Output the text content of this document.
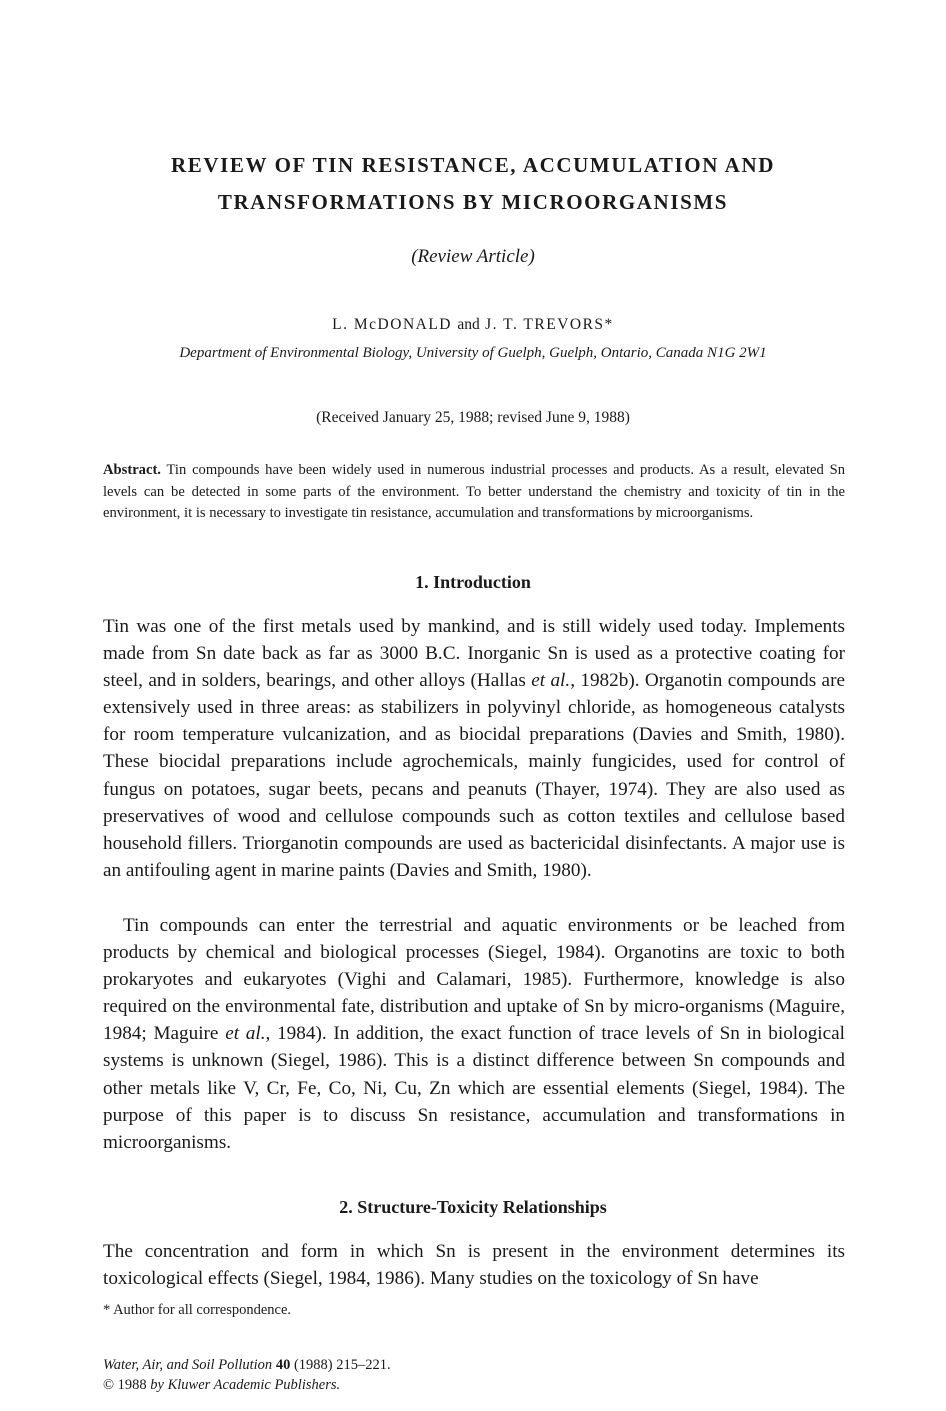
REVIEW OF TIN RESISTANCE, ACCUMULATION AND
TRANSFORMATIONS BY MICROORGANISMS
(Review Article)
L. McDONALD and J. T. TREVORS*
Department of Environmental Biology, University of Guelph, Guelph, Ontario, Canada N1G 2W1
(Received January 25, 1988; revised June 9, 1988)
Abstract. Tin compounds have been widely used in numerous industrial processes and products. As a result, elevated Sn levels can be detected in some parts of the environment. To better understand the chemistry and toxicity of tin in the environment, it is necessary to investigate tin resistance, accumulation and transformations by microorganisms.
1. Introduction
Tin was one of the first metals used by mankind, and is still widely used today. Implements made from Sn date back as far as 3000 B.C. Inorganic Sn is used as a protective coating for steel, and in solders, bearings, and other alloys (Hallas et al., 1982b). Organotin compounds are extensively used in three areas: as stabilizers in polyvinyl chloride, as homogeneous catalysts for room temperature vulcanization, and as biocidal preparations (Davies and Smith, 1980). These biocidal preparations include agrochemicals, mainly fungicides, used for control of fungus on potatoes, sugar beets, pecans and peanuts (Thayer, 1974). They are also used as preservatives of wood and cellulose compounds such as cotton textiles and cellulose based household fillers. Triorganotin compounds are used as bactericidal disinfectants. A major use is an antifouling agent in marine paints (Davies and Smith, 1980).
Tin compounds can enter the terrestrial and aquatic environments or be leached from products by chemical and biological processes (Siegel, 1984). Organotins are toxic to both prokaryotes and eukaryotes (Vighi and Calamari, 1985). Furthermore, knowledge is also required on the environmental fate, distribution and uptake of Sn by micro-organisms (Maguire, 1984; Maguire et al., 1984). In addition, the exact function of trace levels of Sn in biological systems is unknown (Siegel, 1986). This is a distinct difference between Sn compounds and other metals like V, Cr, Fe, Co, Ni, Cu, Zn which are essential elements (Siegel, 1984). The purpose of this paper is to discuss Sn resistance, accumulation and transformations in microorganisms.
2. Structure-Toxicity Relationships
The concentration and form in which Sn is present in the environment determines its toxicological effects (Siegel, 1984, 1986). Many studies on the toxicology of Sn have
* Author for all correspondence.
Water, Air, and Soil Pollution 40 (1988) 215–221.
© 1988 by Kluwer Academic Publishers.
